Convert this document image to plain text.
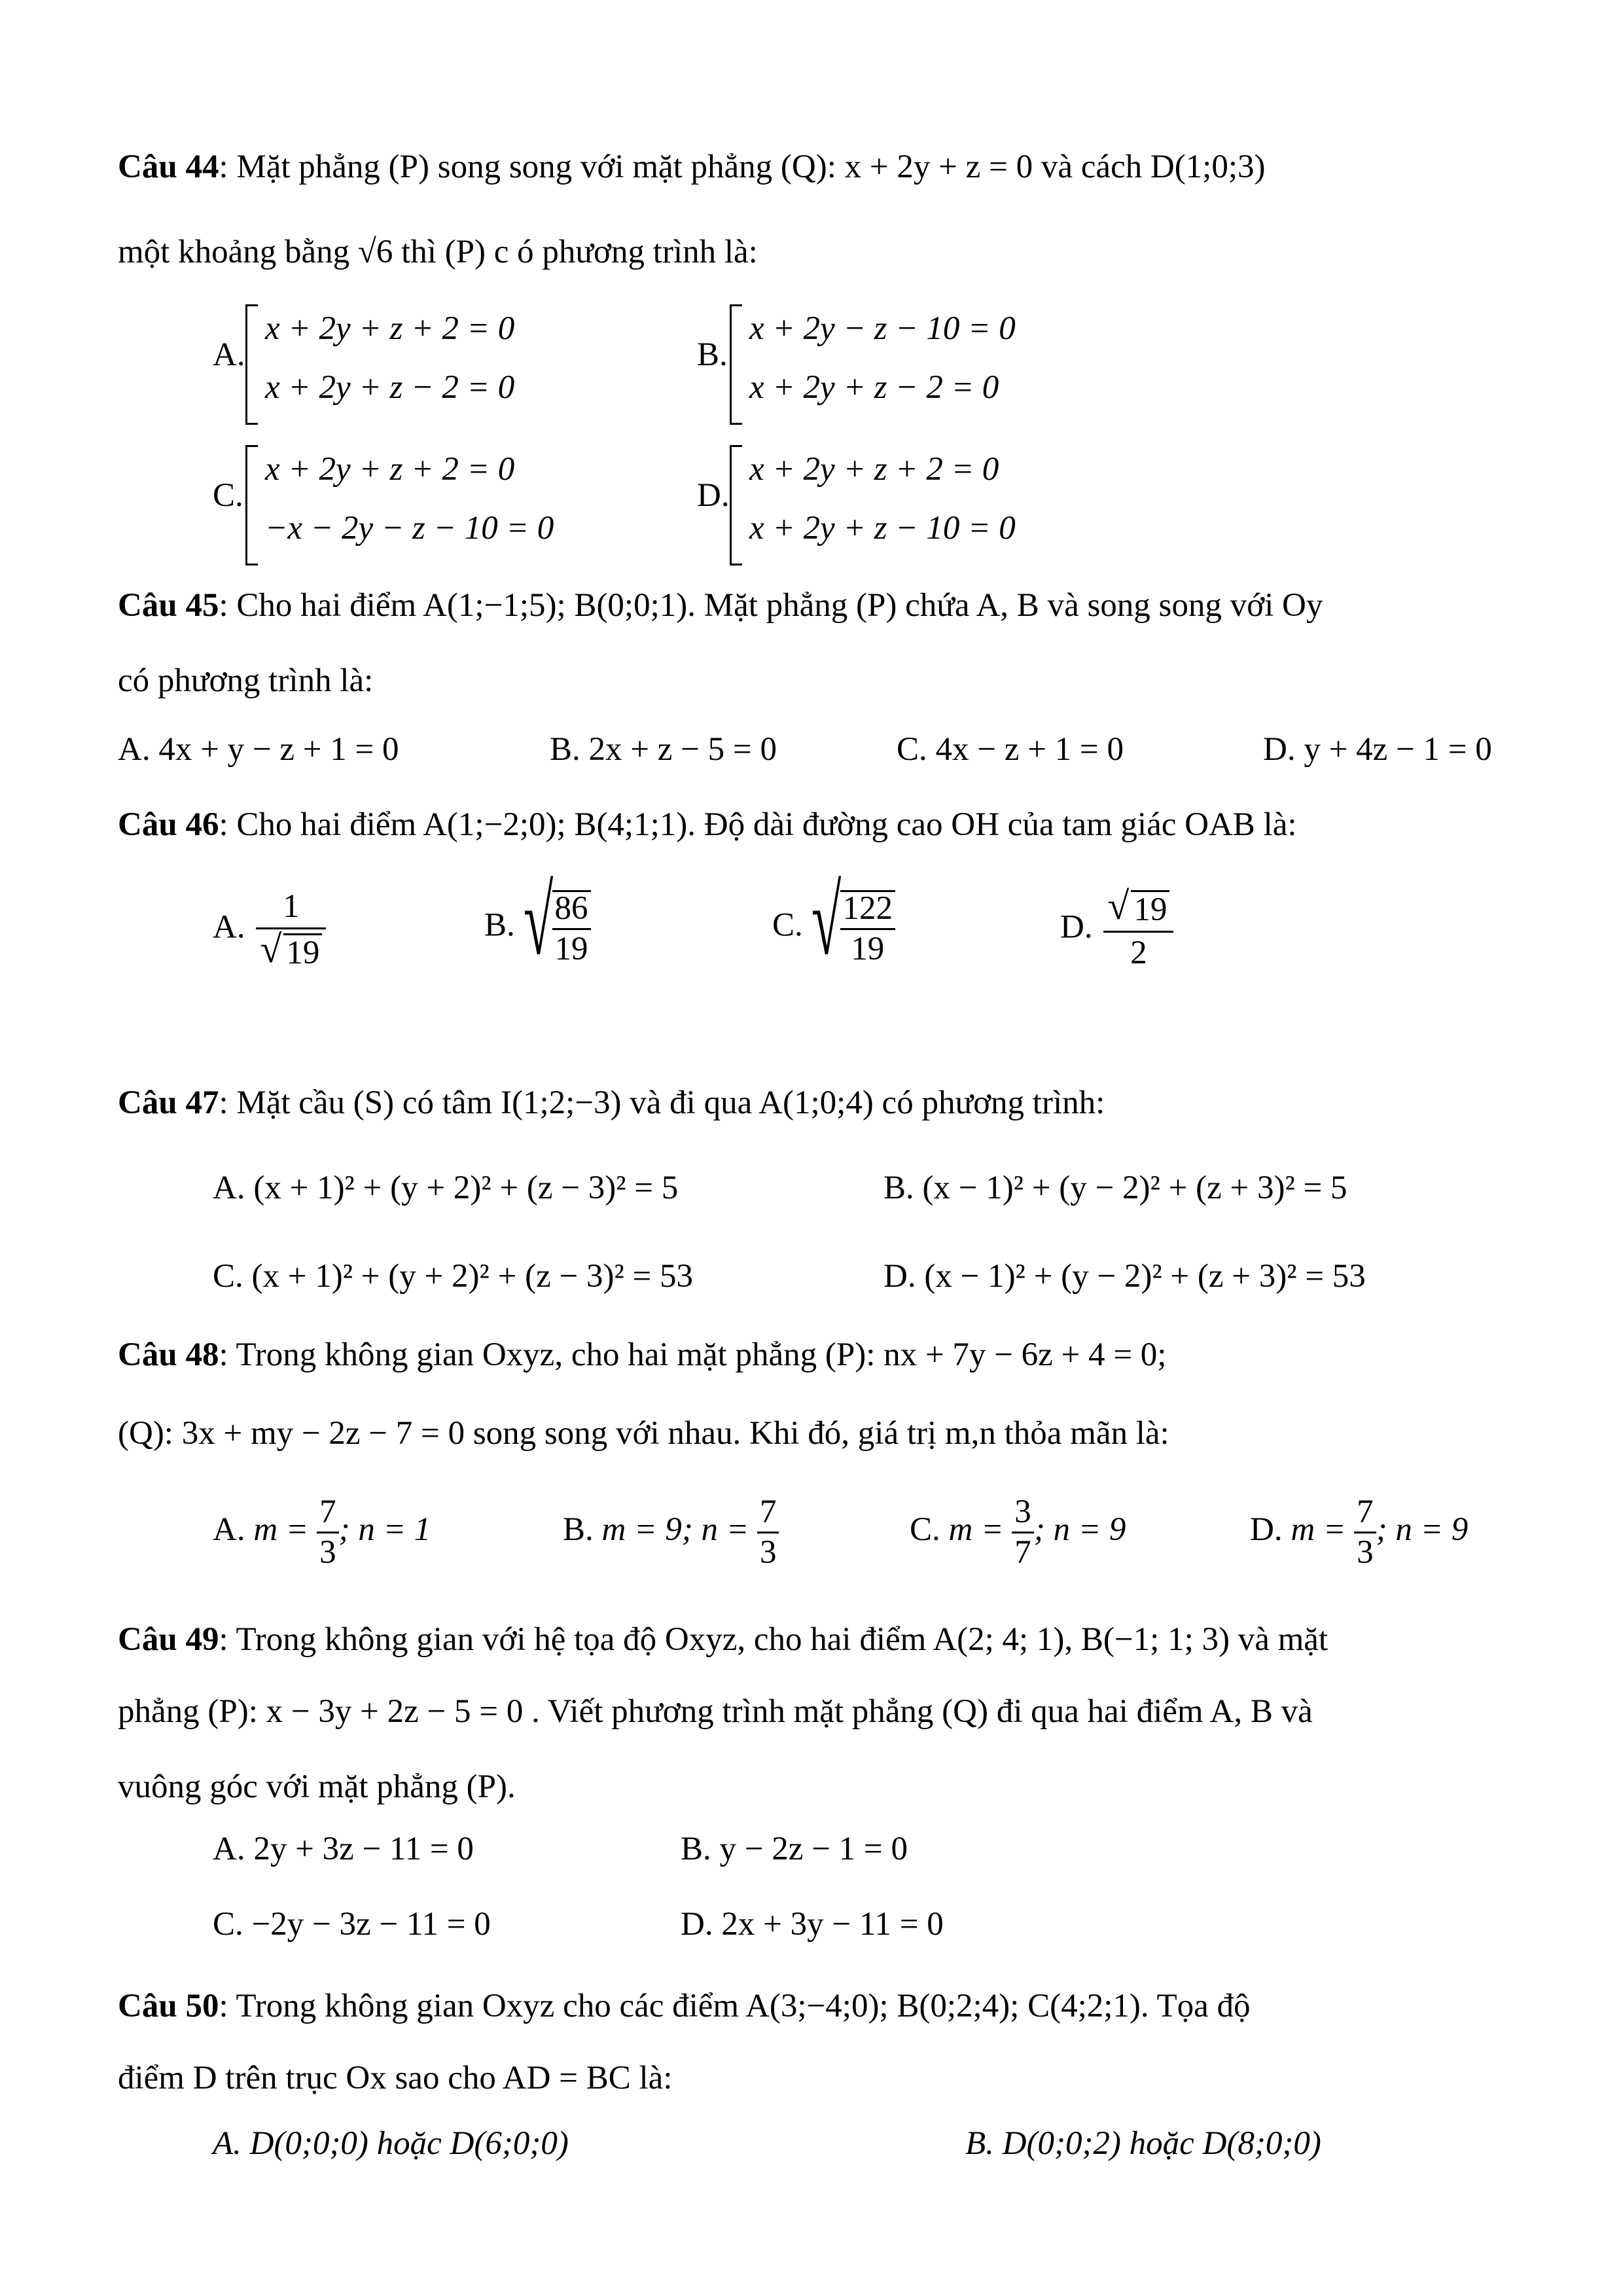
Câu 44: Mặt phẳng (P) song song với mặt phẳng (Q): x + 2y + z = 0 và cách D(1;0;3)
một khoảng bằng √6 thì (P) c ó phương trình là:
A.
x + 2y + z + 2 = 0
x + 2y + z − 2 = 0
B.
x + 2y − z − 10 = 0
x + 2y + z − 2 = 0
C.
x + 2y + z + 2 = 0
−x − 2y − z − 10 = 0
D.
x + 2y + z + 2 = 0
x + 2y + z − 10 = 0
Câu 45: Cho hai điểm A(1;−1;5); B(0;0;1). Mặt phẳng (P) chứa A, B và song song với Oy
có phương trình là:
A. 4x + y − z + 1 = 0	B. 2x + z − 5 = 0	C. 4x − z + 1 = 0	D. y + 4z − 1 = 0
Câu 46: Cho hai điểm A(1;−2;0); B(4;1;1). Độ dài đường cao OH của tam giác OAB là:
A. 1
√ 19	B. √ $\frac{86}{19}$	C. √ $\frac{122}{19}$	D. √ $\frac{19}{2}$
Câu 47: Mặt cầu (S) có tâm I(1;2;−3) và đi qua A(1;0;4) có phương trình:
A. (x + 1)² + (y + 2)² + (z − 3)² = 5	B. (x − 1)² + (y − 2)² + (z + 3)² = 5
C. (x + 1)² + (y + 2)² + (z − 3)² = 53	D. (x − 1)² + (y − 2)² + (z + 3)² = 53
Câu 48: Trong không gian Oxyz, cho hai mặt phẳng (P): nx + 7y − 6z + 4 = 0;
(Q): 3x + my − 2z − 7 = 0 song song với nhau. Khi đó, giá trị m,n thỏa mãn là:
A. $m = \frac{7}{3}$ ; n = 1	B. m = 9; $n = \frac{7}{3}$	C. $m = \frac{3}{7}$ ; n = 9	D. $m = \frac{7}{3}$ ; n = 9
Câu 49: Trong không gian với hệ tọa độ Oxyz, cho hai điểm A(2; 4; 1), B(−1; 1; 3) và mặt
phẳng (P): x − 3y + 2z − 5 = 0 . Viết phương trình mặt phẳng (Q) đi qua hai điểm A, B và
vuông góc với mặt phẳng (P).
A. 2y + 3z − 11 = 0	B. y − 2z − 1 = 0
C. −2y − 3z − 11 = 0	D. 2x + 3y − 11 = 0
Câu 50: Trong không gian Oxyz cho các điểm A(3;−4;0); B(0;2;4); C(4;2;1). Tọa độ
điểm D trên trục Ox sao cho AD = BC là:
A. D(0;0;0) hoặc D(6;0;0)	B. D(0;0;2) hoặc D(8;0;0)
